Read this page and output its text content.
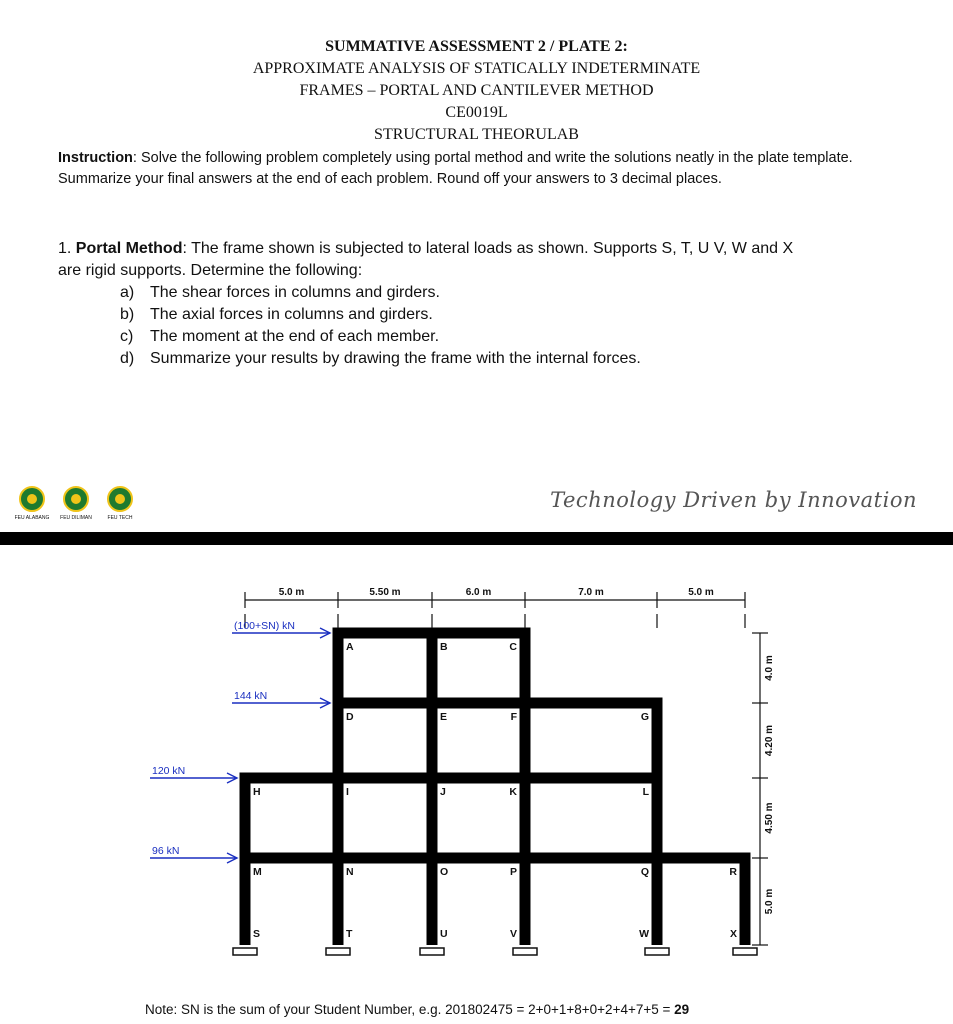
SUMMATIVE ASSESSMENT 2 / PLATE 2:
APPROXIMATE ANALYSIS OF STATICALLY INDETERMINATE
FRAMES – PORTAL AND CANTILEVER METHOD
CE0019L
STRUCTURAL THEORULAB
Instruction: Solve the following problem completely using portal method and write the solutions neatly in the plate template.
Summarize your final answers at the end of each problem. Round off your answers to 3 decimal places.
1. Portal Method: The frame shown is subjected to lateral loads as shown. Supports S, T, U V, W and X
are rigid supports. Determine the following:
a) The shear forces in columns and girders.
b) The axial forces in columns and girders.
c) The moment at the end of each member.
d) Summarize your results by drawing the frame with the internal forces.
FEU ALABANG	FEU DILIMAN	FEU TECH
Technology Driven by Innovation
5.0 m	5.50 m	6.0 m	7.0 m	5.0 m
4.0 m
4.20 m
4.50 m
5.0 m
(100+SN) kN
144 kN
120 kN
96 kN
A	B	C
D	E	F	G
H	I	J	K	L
M	N	O	P	Q	R
S	T	U	V	W	X
Note: SN is the sum of your Student Number, e.g. 201802475 = 2+0+1+8+0+2+4+7+5 = 29
